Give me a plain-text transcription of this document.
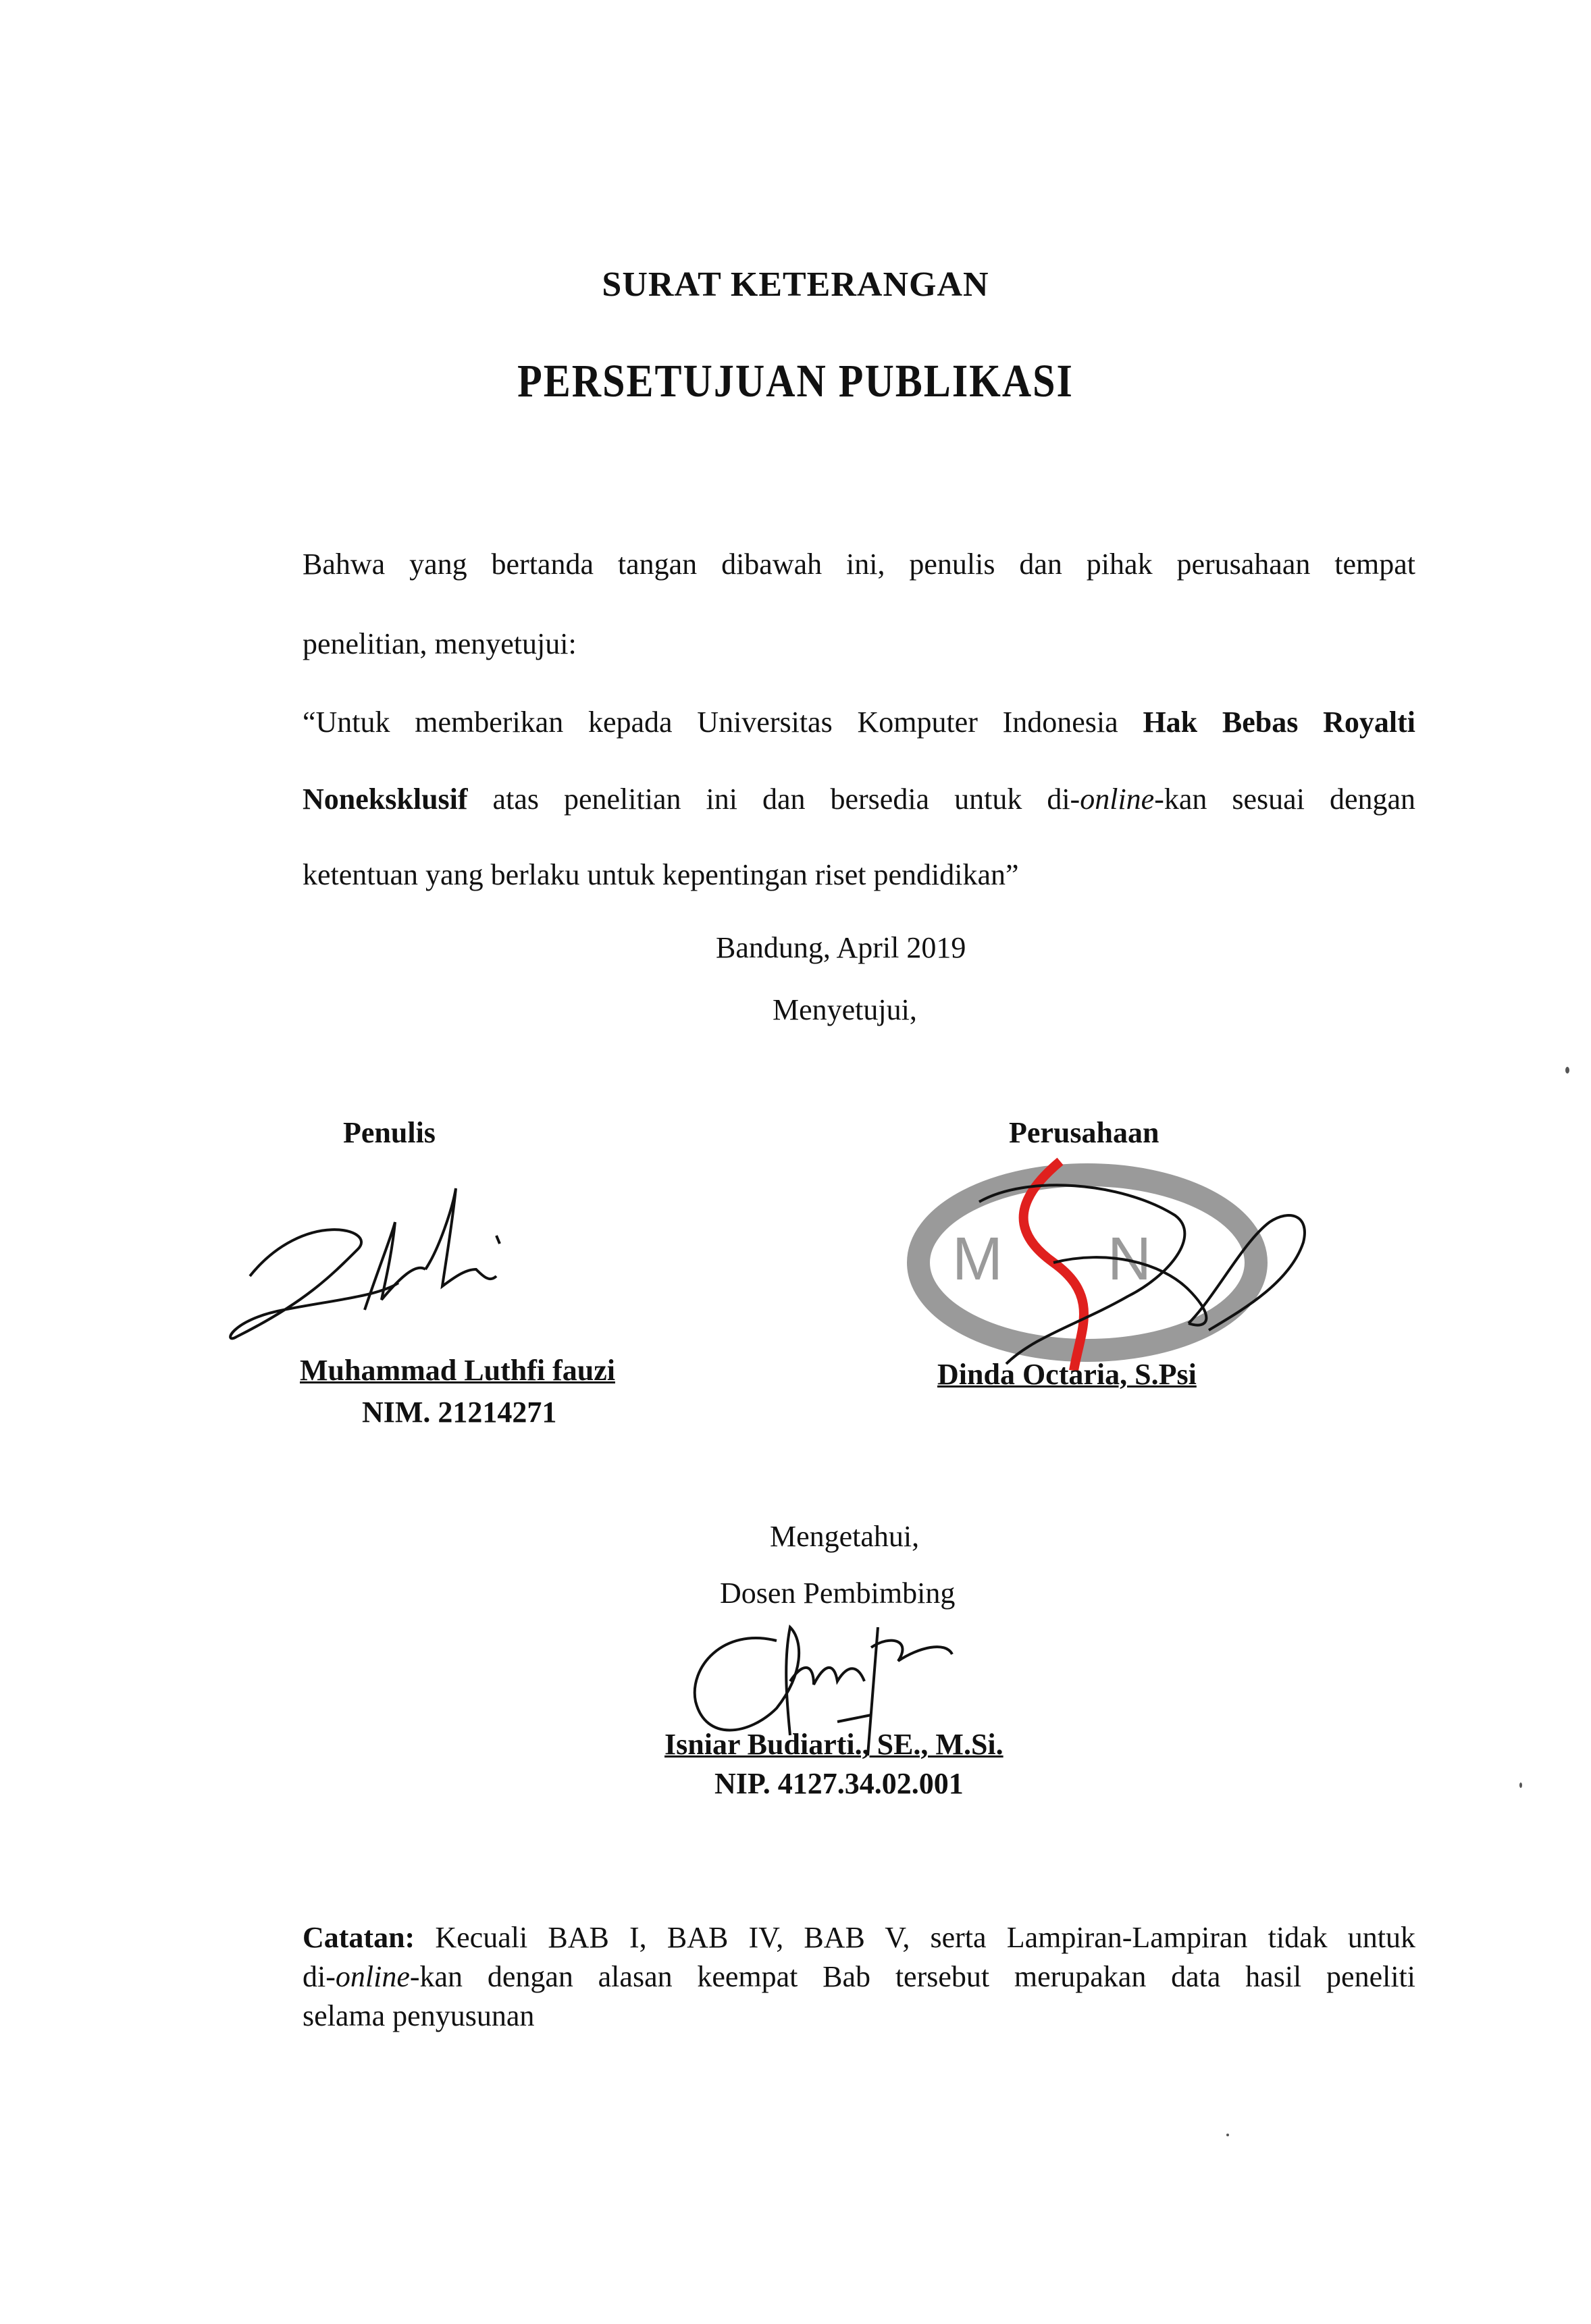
SURAT KETERANGAN
PERSETUJUAN PUBLIKASI
Bahwa yang bertanda tangan dibawah ini, penulis dan pihak perusahaan tempat
penelitian, menyetujui:
“Untuk memberikan kepada Universitas Komputer Indonesia Hak Bebas Royalti
Noneksklusif atas penelitian ini dan bersedia untuk di-online-kan sesuai dengan
ketentuan yang berlaku untuk kepentingan riset pendidikan”
Bandung, April 2019
Menyetujui,
Penulis
Muhammad Luthfi fauzi
NIM. 21214271
Perusahaan
M N
Dinda Octaria, S.Psi
Mengetahui,
Dosen Pembimbing
Isniar Budiarti., SE., M.Si.
NIP. 4127.34.02.001
Catatan: Kecuali BAB I, BAB IV, BAB V, serta Lampiran-Lampiran tidak untuk
di-online-kan dengan alasan keempat Bab tersebut merupakan data hasil peneliti
selama penyusunan
